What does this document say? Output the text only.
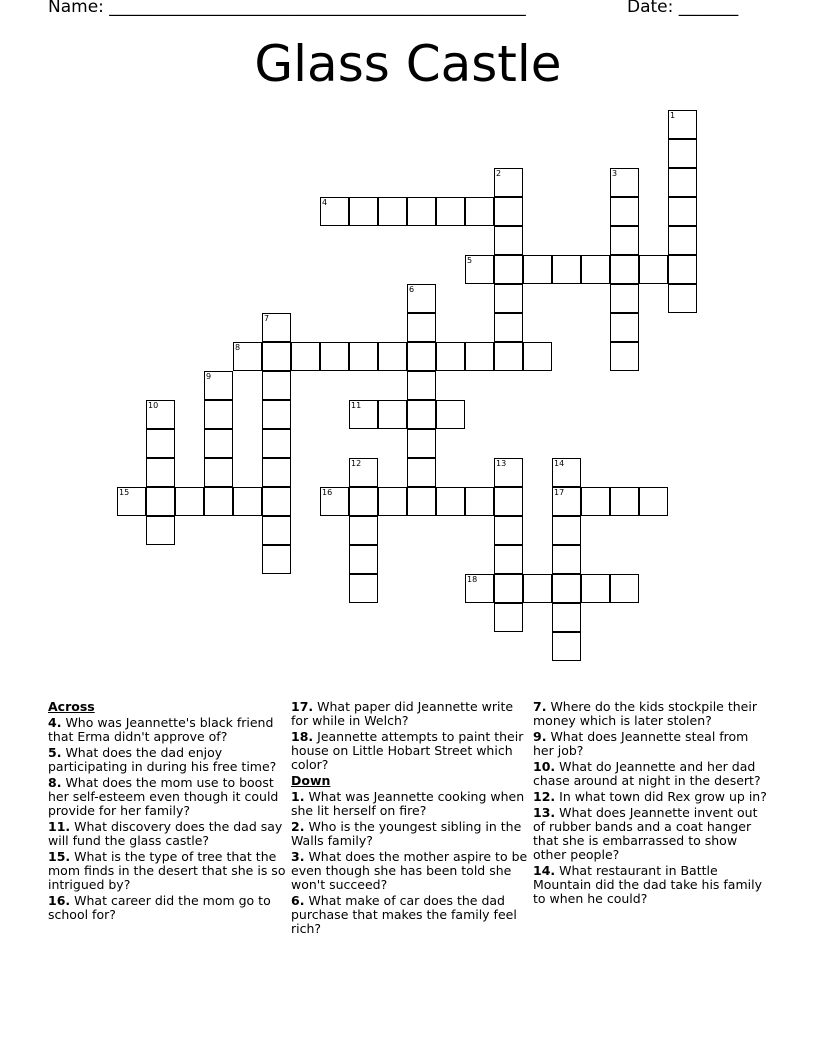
Name: _________________________________________________	Date: _______
Glass Castle
1
2	3
4
5
6
7
8
9
10	11
12	13	14
15	16	17
18
Across

4. Who was Jeannette's black friend that Erma didn't approve of?

5. What does the dad enjoy participating in during his free time?

8. What does the mom use to boost her self-esteem even though it could provide for her family?

11. What discovery does the dad say will fund the glass castle?

15. What is the type of tree that the mom finds in the desert that she is so intrigued by?

16. What career did the mom go to school for?

17. What paper did Jeannette write for while in Welch?

18. Jeannette attempts to paint their house on Little Hobart Street which color?

Down

1. What was Jeannette cooking when she lit herself on fire?

2. Who is the youngest sibling in the Walls family?

3. What does the mother aspire to be even though she has been told she won't succeed?

6. What make of car does the dad purchase that makes the family feel rich?

7. Where do the kids stockpile their money which is later stolen?

9. What does Jeannette steal from her job?

10. What do Jeannette and her dad chase around at night in the desert?

12. In what town did Rex grow up in?

13. What does Jeannette invent out of rubber bands and a coat hanger that she is embarrassed to show other people?

14. What restaurant in Battle Mountain did the dad take his family to when he could?
